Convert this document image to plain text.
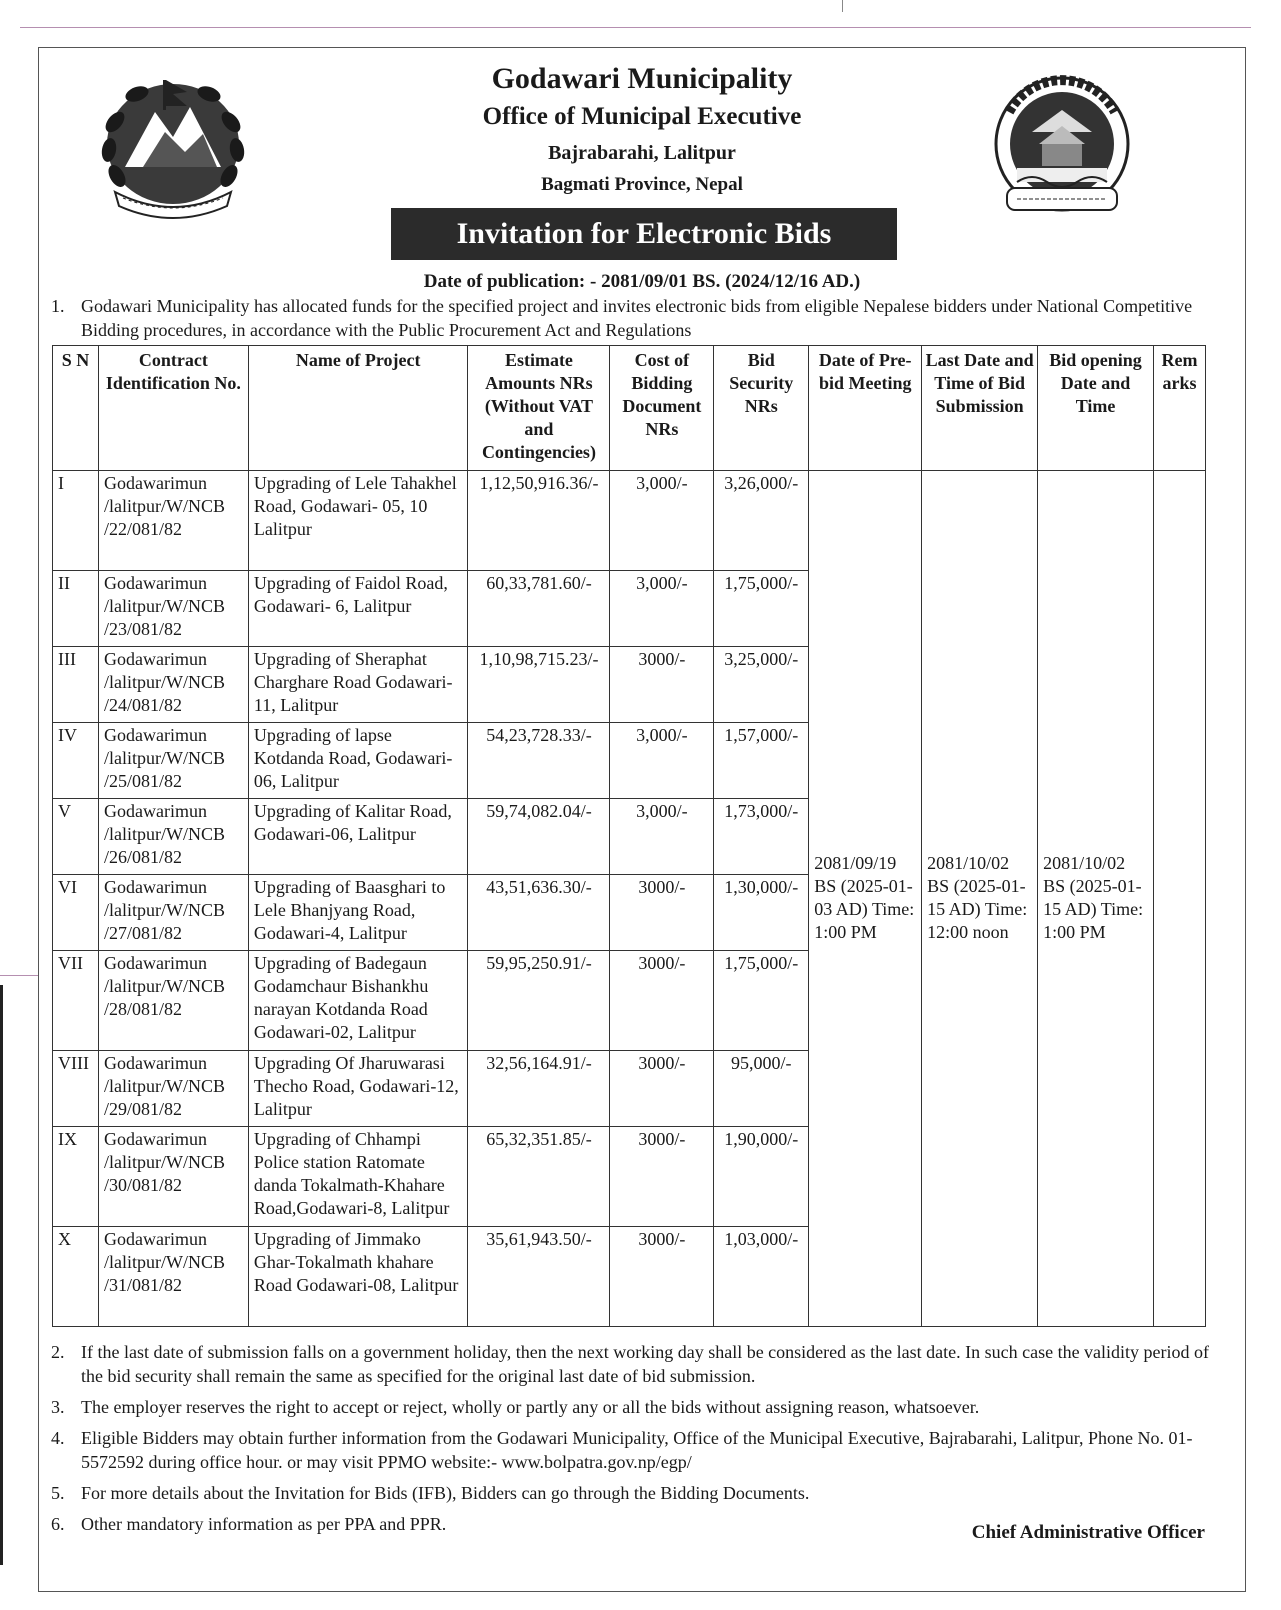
Godawari Municipality
Office of Municipal Executive
Bajrabarahi, Lalitpur
Bagmati Province, Nepal
Invitation for Electronic Bids
Date of publication: - 2081/09/01 BS. (2024/12/16 AD.)
1. Godawari Municipality has allocated funds for the specified project and invites electronic bids from eligible Nepalese bidders under National Competitive Bidding procedures, in accordance with the Public Procurement Act and Regulations
S N	Contract Identification No.	Name of Project	Estimate Amounts NRs (Without VAT and Contingencies)	Cost of Bidding Document NRs	Bid Security NRs	Date of Pre-bid Meeting	Last Date and Time of Bid Submission	Bid opening Date and Time	Rem arks
I	Godawarimun /lalitpur/W/NCB /22/081/82	Upgrading of Lele Tahakhel Road, Godawari- 05, 10 Lalitpur	1,12,50,916.36/-	3,000/-	3,26,000/-	2081/09/19 BS (2025-01-03 AD) Time: 1:00 PM	2081/10/02 BS (2025-01-15 AD) Time: 12:00 noon	2081/10/02 BS (2025-01-15 AD) Time: 1:00 PM	
II	Godawarimun /lalitpur/W/NCB /23/081/82	Upgrading of Faidol Road, Godawari- 6, Lalitpur	60,33,781.60/-	3,000/-	1,75,000/-				
III	Godawarimun /lalitpur/W/NCB /24/081/82	Upgrading of Sheraphat Charghare Road Godawari-11, Lalitpur	1,10,98,715.23/-	3000/-	3,25,000/-				
IV	Godawarimun /lalitpur/W/NCB /25/081/82	Upgrading of lapse Kotdanda Road, Godawari-06, Lalitpur	54,23,728.33/-	3,000/-	1,57,000/-				
V	Godawarimun /lalitpur/W/NCB /26/081/82	Upgrading of Kalitar Road, Godawari-06, Lalitpur	59,74,082.04/-	3,000/-	1,73,000/-				
VI	Godawarimun /lalitpur/W/NCB /27/081/82	Upgrading of Baasghari to Lele Bhanjyang Road, Godawari-4, Lalitpur	43,51,636.30/-	3000/-	1,30,000/-				
VII	Godawarimun /lalitpur/W/NCB /28/081/82	Upgrading of Badegaun Godamchaur Bishankhu narayan Kotdanda Road Godawari-02, Lalitpur	59,95,250.91/-	3000/-	1,75,000/-				
VIII	Godawarimun /lalitpur/W/NCB /29/081/82	Upgrading Of Jharuwarasi Thecho Road, Godawari-12, Lalitpur	32,56,164.91/-	3000/-	95,000/-				
IX	Godawarimun /lalitpur/W/NCB /30/081/82	Upgrading of Chhampi Police station Ratomate danda Tokalmath-Khahare Road,Godawari-8, Lalitpur	65,32,351.85/-	3000/-	1,90,000/-				
X	Godawarimun /lalitpur/W/NCB /31/081/82	Upgrading of Jimmako Ghar-Tokalmath khahare Road Godawari-08, Lalitpur	35,61,943.50/-	3000/-	1,03,000/-				
2. If the last date of submission falls on a government holiday, then the next working day shall be considered as the last date. In such case the validity period of the bid security shall remain the same as specified for the original last date of bid submission.
3. The employer reserves the right to accept or reject, wholly or partly any or all the bids without assigning reason, whatsoever.
4. Eligible Bidders may obtain further information from the Godawari Municipality, Office of the Municipal Executive, Bajrabarahi, Lalitpur, Phone No. 01-5572592 during office hour. or may visit PPMO website:- www.bolpatra.gov.np/egp/
5. For more details about the Invitation for Bids (IFB), Bidders can go through the Bidding Documents.
6. Other mandatory information as per PPA and PPR.	Chief Administrative Officer
